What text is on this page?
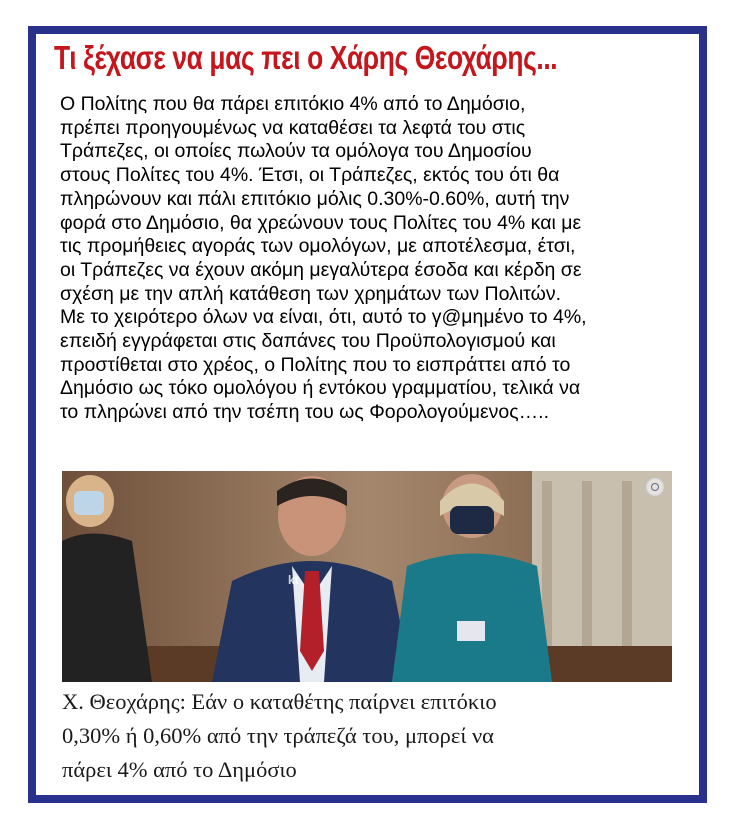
Τι ξέχασε να μας πει ο Χάρης Θεοχάρης...
Ο Πολίτης που θα πάρει επιτόκιο 4% από το Δημόσιο,
πρέπει προηγουμένως να καταθέσει τα λεφτά του στις
Τράπεζες, οι οποίες πωλούν τα ομόλογα του Δημοσίου
στους Πολίτες του 4%. Έτσι, οι Τράπεζες, εκτός του ότι θα
πληρώνουν και πάλι επιτόκιο μόλις 0.30%-0.60%, αυτή την
φορά στο Δημόσιο, θα χρεώνουν τους Πολίτες του 4% και με
τις προμήθειες αγοράς των ομολόγων, με αποτέλεσμα, έτσι,
οι Τράπεζες να έχουν ακόμη μεγαλύτερα έσοδα και κέρδη σε
σχέση με την απλή κατάθεση των χρημάτων των Πολιτών.
Με το χειρότερο όλων να είναι, ότι, αυτό το γ@μημένο το 4%,
επειδή εγγράφεται στις δαπάνες του Προϋπολογισμού και
προστίθεται στο χρέος, ο Πολίτης που το εισπράττει από το
Δημόσιο ως τόκο ομολόγου ή εντόκου γραμματίου, τελικά να
το πληρώνει από την τσέπη του ως Φορολογούμενος…..
kt
Χ. Θεοχάρης: Εάν ο καταθέτης παίρνει επιτόκιο
0,30% ή 0,60% από την τράπεζά του, μπορεί να
πάρει 4% από το Δημόσιο
